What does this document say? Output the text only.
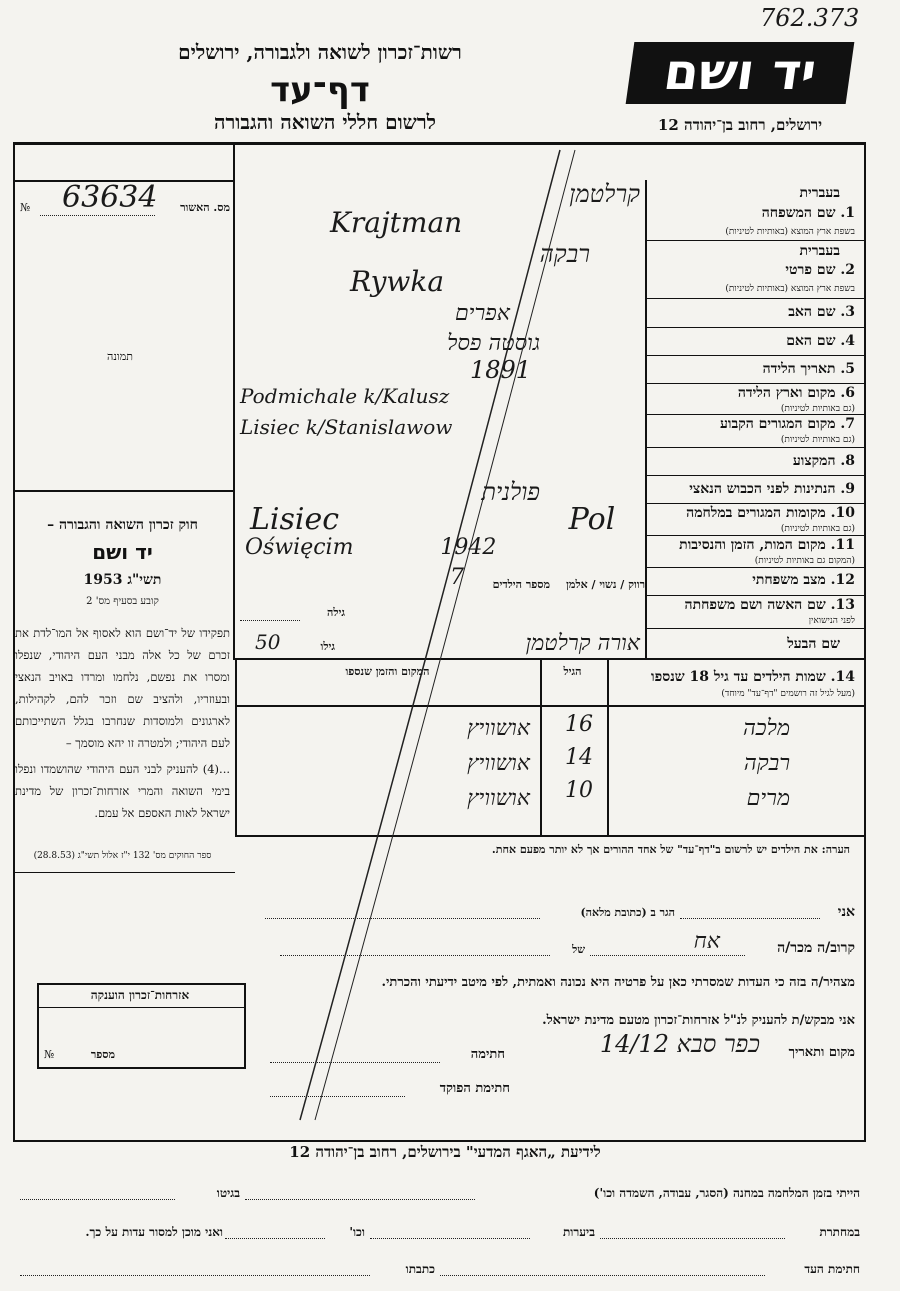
762.373
רשות־זכרון לשואה ולגבורה, ירושלים
דף־עד
לרשום חללי השואה והגבורה
יד ושם
ירושלים, רחוב בן־יהודה 12
מס. האשור
№ 63634
תמונה
בעברית
1. שם המשפחה
בשפת ארץ המוצא (באותיות לטיניות)
בעברית
2. שם פרטי
בשפת ארץ המוצא (באותיות לטיניות)
3. שם האב
4. שם האם
5. תאריך הלידה
6. מקום וארץ הלידה
(גם באותיות לטיניות)
7. מקום המגורים הקבוע
(גם באותיות לטיניות)
8. המקצוע
9. הנתינות לפני הכבוש הנאצי
10. מקומות המגורים במלחמה
(גם באותיות לטיניות)
11. מקום המות, הזמן והנסיבות
(המקום גם באותיות לטיניות)
12. מצב משפחתי
13. שם האשה ושם משפחתה
לפני הנישואין
שם הבעל
קרלטמן
Krajtman
רבקה
Rywka
אפרים
גוסטה פסל
1891
Podmichale k/Kalusz
Lisiec k/Stanislawow
פולנית
Lisiec Pol
Oświęcim 1942
רווק / נשוי / אלמן
מספר הילדים
7
גילה
גילו
50	אורה קרלטמן
14. שמות הילדים עד גיל 18 שנספו
(מעל לגיל זה רושמים "דף־עד" מיוחד)
הגיל
המקום והזמן שנספו
מלכה
16
אושוויץ
רבקה
14
אושוויץ
מרים
10
אושוויץ
הערה: את הילדים יש לרשום ב"דף־עד" של אחד ההורים אך לא יותר מפעם אחת.
חוק זכרון השואה והגבורה –
יד ושם
תשי"ג 1953
קובע בסעיף מס' 2
תפקידו של יד־ושם הוא לאסוף אל המו־לדת את זכרם של כל אלה מבני העם היהודי, שנפלו ומסרו את נפשם, נלחמו ומרדו באויב הנאצי ובעוזריו, ולהציב שם וזכר להם, לקהילות, לארגונים ולמוסדות שנחרבו בגלל השתייכותם לעם היהודי; ולמטרה זו יהא מוסמך –
...(4) להעניק לבני העם היהודי שהושמדו ונפלו בימי השואה והמרי אזרחות־זכרון של מדינת ישראל לאות האספם אל עמם.
ספר החוקים מס' 132 י"ז אלול תשי"ג (28.8.53)
אני
הגר ב (כתובת מלאה)
קרוב/ה מכר/ה
אח
של
מצהיר/ה בזה כי העדות שמסרתי כאן על פרטיה היא נכונה ואמתית, לפי מיטב ידיעתי והכרתי.
אני מבקש/ת להעניק לנ"ל אזרחות־זכרון מטעם מדינת ישראל.
מקום ותאריך
כפר סבא 14/12
חתימה
חתימת הפוקד
אזרחות־זכרון הוענקה
מספר
№
לידיעת „האגף המדעי" בירושלים, רחוב בן־יהודה 12
הייתי בזמן המלחמה במחנה (הסגר, עבודה, השמדה וכו')
בגיטו
במחתרת
ביערות
וכו'
ואני מוכן למסור עדות על כך.
חתימת העד
כתבתו
